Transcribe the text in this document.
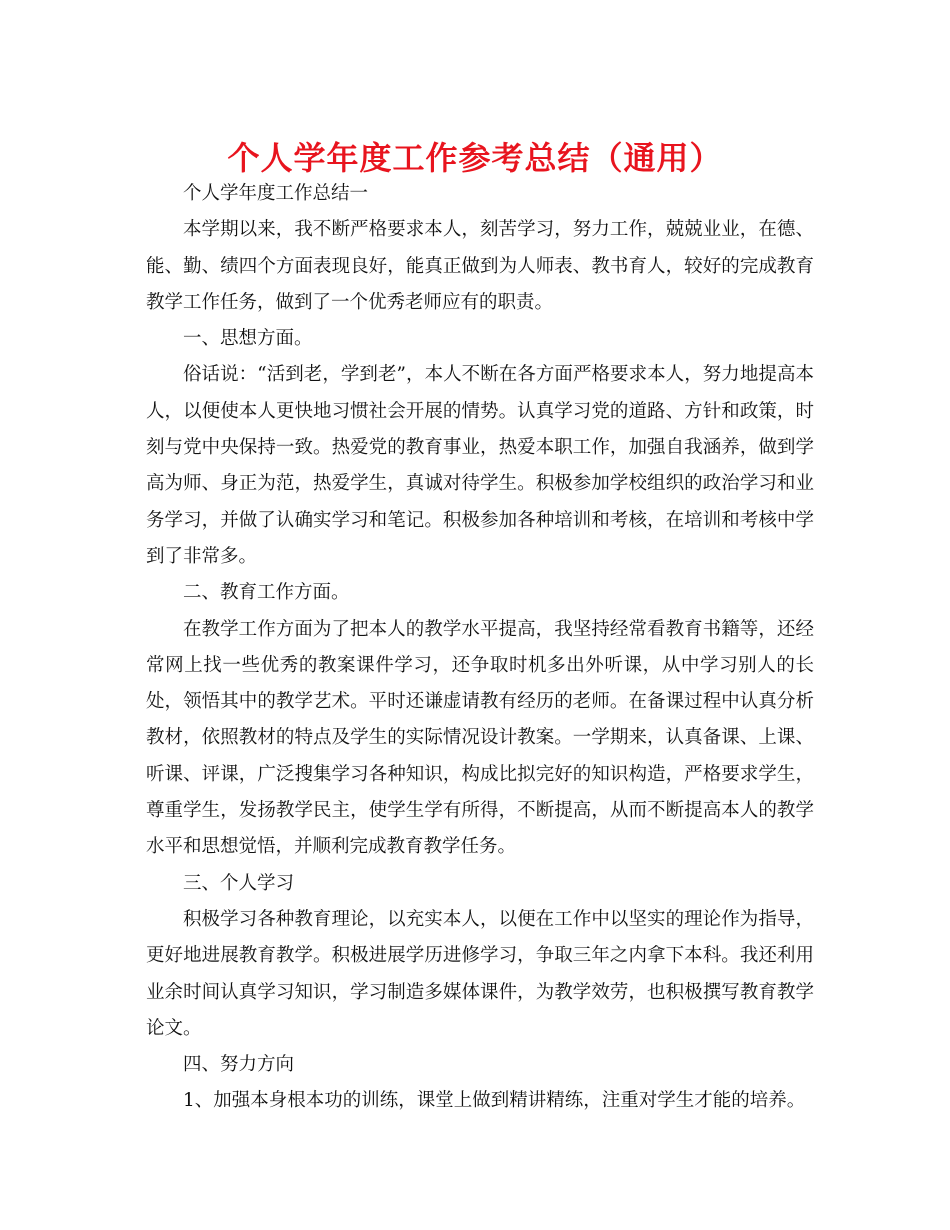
个人学年度工作参考总结（通用）

个人学年度工作总结一

本学期以来，我不断严格要求本人，刻苦学习，努力工作，兢兢业业，在德、能、勤、绩四个方面表现良好，能真正做到为人师表、教书育人，较好的完成教育教学工作任务，做到了一个优秀老师应有的职责。

一、思想方面。

俗话说：“活到老，学到老”，本人不断在各方面严格要求本人，努力地提高本人，以便使本人更快地习惯社会开展的情势。认真学习党的道路、方针和政策，时刻与党中央保持一致。热爱党的教育事业，热爱本职工作，加强自我涵养，做到学高为师、身正为范，热爱学生，真诚对待学生。积极参加学校组织的政治学习和业务学习，并做了认确实学习和笔记。积极参加各种培训和考核，在培训和考核中学到了非常多。

二、教育工作方面。

在教学工作方面为了把本人的教学水平提高，我坚持经常看教育书籍等，还经常网上找一些优秀的教案课件学习，还争取时机多出外听课，从中学习别人的长处，领悟其中的教学艺术。平时还谦虚请教有经历的老师。在备课过程中认真分析教材，依照教材的特点及学生的实际情况设计教案。一学期来，认真备课、上课、听课、评课，广泛搜集学习各种知识，构成比拟完好的知识构造，严格要求学生，尊重学生，发扬教学民主，使学生学有所得，不断提高，从而不断提高本人的教学水平和思想觉悟，并顺利完成教育教学任务。

三、个人学习

积极学习各种教育理论，以充实本人，以便在工作中以坚实的理论作为指导，更好地进展教育教学。积极进展学历进修学习，争取三年之内拿下本科。我还利用业余时间认真学习知识，学习制造多媒体课件，为教学效劳，也积极撰写教育教学论文。

四、努力方向

1、加强本身根本功的训练，课堂上做到精讲精练，注重对学生才能的培养。
